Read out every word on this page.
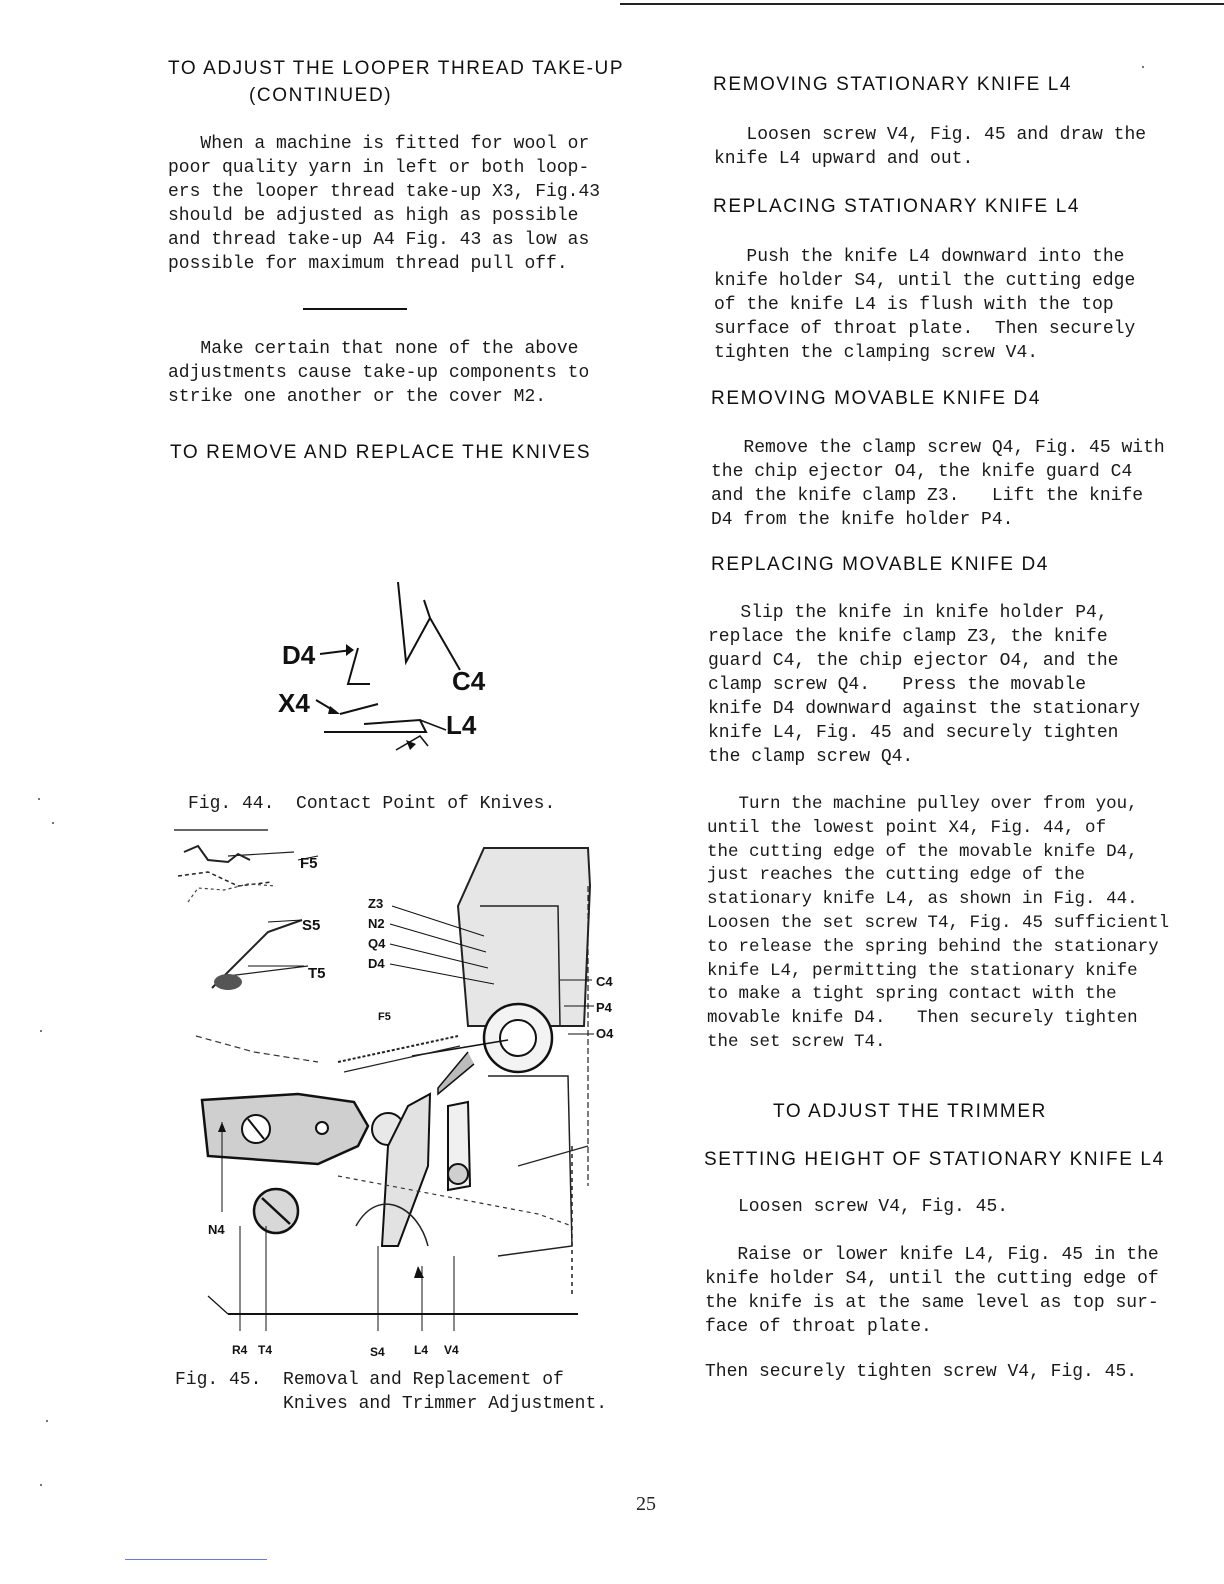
TO ADJUST THE LOOPER THREAD TAKE-UP
(CONTINUED)
When a machine is fitted for wool or
poor quality yarn in left or both loop-
ers the looper thread take-up X3, Fig.43
should be adjusted as high as possible
and thread take-up A4 Fig. 43 as low as
possible for maximum thread pull off.
Make certain that none of the above
adjustments cause take-up components to
strike one another or the cover M2.
TO REMOVE AND REPLACE THE KNIVES
D4
X4
C4
L4
Fig. 44.  Contact Point of Knives.
F5
S5
T5
Z3
N2
Q4
D4
F5
C4
P4
O4
N4
R4 T4	S4 L4 V4
Fig. 45.  Removal and Replacement of
Knives and Trimmer Adjustment.
REMOVING STATIONARY KNIFE L4
Loosen screw V4, Fig. 45 and draw the
knife L4 upward and out.
REPLACING STATIONARY KNIFE L4
Push the knife L4 downward into the
knife holder S4, until the cutting edge
of the knife L4 is flush with the top
surface of throat plate.  Then securely
tighten the clamping screw V4.
REMOVING MOVABLE KNIFE D4
Remove the clamp screw Q4, Fig. 45 with
the chip ejector O4, the knife guard C4
and the knife clamp Z3.   Lift the knife
D4 from the knife holder P4.
REPLACING MOVABLE KNIFE D4
Slip the knife in knife holder P4,
replace the knife clamp Z3, the knife
guard C4, the chip ejector O4, and the
clamp screw Q4.   Press the movable
knife D4 downward against the stationary
knife L4, Fig. 45 and securely tighten
the clamp screw Q4.
Turn the machine pulley over from you,
until the lowest point X4, Fig. 44, of
the cutting edge of the movable knife D4,
just reaches the cutting edge of the
stationary knife L4, as shown in Fig. 44.
Loosen the set screw T4, Fig. 45 sufficientl
to release the spring behind the stationary
knife L4, permitting the stationary knife
to make a tight spring contact with the
movable knife D4.   Then securely tighten
the set screw T4.
TO ADJUST THE TRIMMER
SETTING HEIGHT OF STATIONARY KNIFE L4
Loosen screw V4, Fig. 45.
Raise or lower knife L4, Fig. 45 in the
knife holder S4, until the cutting edge of
the knife is at the same level as top sur-
face of throat plate.
Then securely tighten screw V4, Fig. 45.
25
